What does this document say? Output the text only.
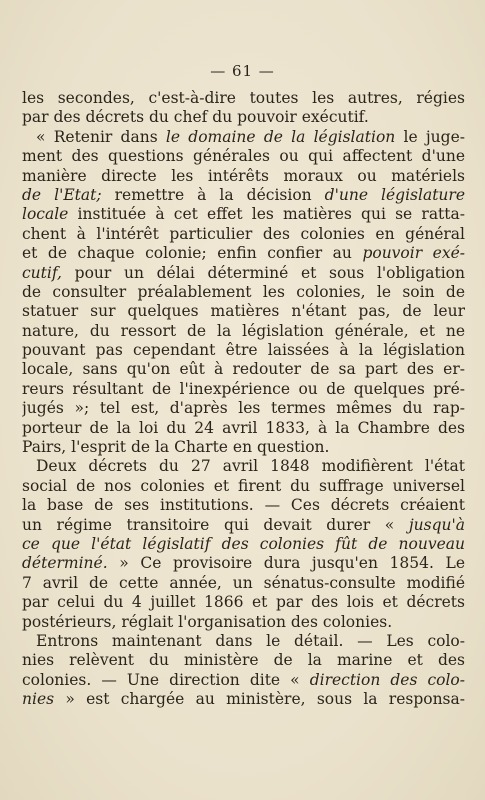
— 61 —
les secondes, c'est-à-dire toutes les autres, régies
par des décrets du chef du pouvoir exécutif.
« Retenir dans le domaine de la législation le juge-
ment des questions générales ou qui affectent d'une
manière directe les intérêts moraux ou matériels
de l'Etat; remettre à la décision d'une législature
locale instituée à cet effet les matières qui se ratta-
chent à l'intérêt particulier des colonies en général
et de chaque colonie; enfin confier au pouvoir exé-
cutif, pour un délai déterminé et sous l'obligation
de consulter préalablement les colonies, le soin de
statuer sur quelques matières n'étant pas, de leur
nature, du ressort de la législation générale, et ne
pouvant pas cependant être laissées à la législation
locale, sans qu'on eût à redouter de sa part des er-
reurs résultant de l'inexpérience ou de quelques pré-
jugés »; tel est, d'après les termes mêmes du rap-
porteur de la loi du 24 avril 1833, à la Chambre des
Pairs, l'esprit de la Charte en question.
Deux décrets du 27 avril 1848 modifièrent l'état
social de nos colonies et firent du suffrage universel
la base de ses institutions. — Ces décrets créaient
un régime transitoire qui devait durer « jusqu'à
ce que l'état législatif des colonies fût de nouveau
déterminé. » Ce provisoire dura jusqu'en 1854. Le
7 avril de cette année, un sénatus-consulte modifié
par celui du 4 juillet 1866 et par des lois et décrets
postérieurs, réglait l'organisation des colonies.
Entrons maintenant dans le détail. — Les colo-
nies relèvent du ministère de la marine et des
colonies. — Une direction dite « direction des colo-
nies » est chargée au ministère, sous la responsa-
